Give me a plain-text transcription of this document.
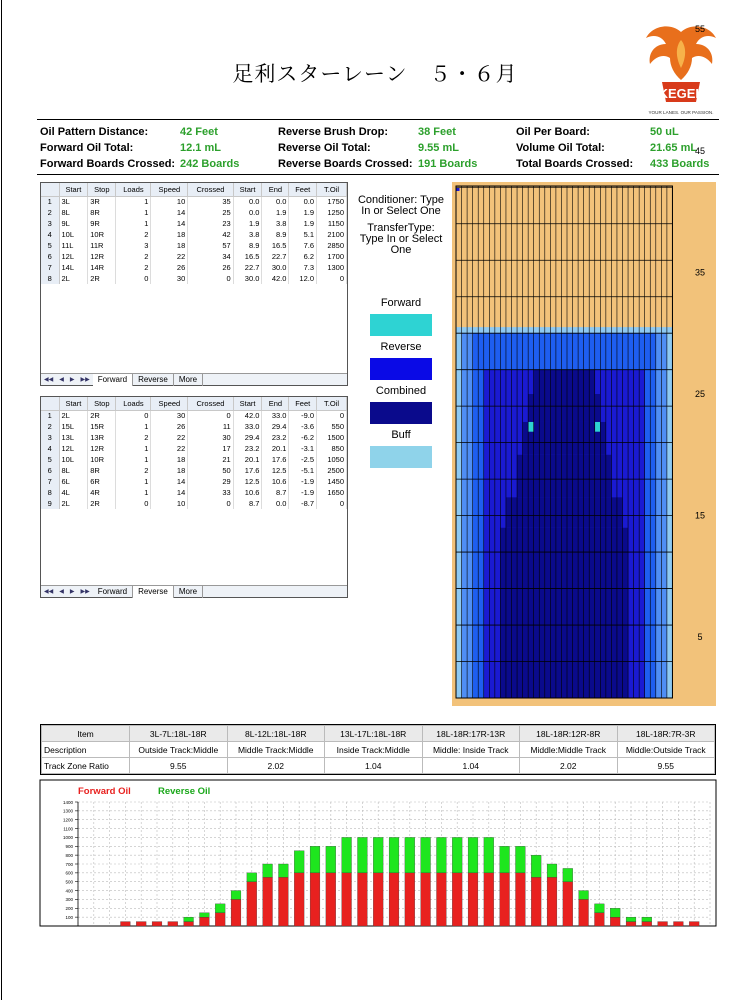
足利スターレーン　５・６月
KEGEL
YOUR LANES. OUR PASSION.
Oil Pattern Distance:	42 Feet	Reverse Brush Drop:	38 Feet	Oil Per Board:	50 uL
Forward Oil Total:	12.1 mL	Reverse Oil Total:	9.55 mL	Volume Oil Total:	21.65 mL
Forward Boards Crossed: 242 Boards	Reverse Boards Crossed: 191 Boards	Total Boards Crossed:	433 Boards
	Start	Stop	Loads	Speed	Crossed	Start	End	Feet	T.Oil
1	3L	3R	1	10	35	0.0	0.0	0.0	1750
2	8L	8R	1	14	25	0.0	1.9	1.9	1250
3	9L	9R	1	14	23	1.9	3.8	1.9	1150
4	10L	10R	2	18	42	3.8	8.9	5.1	2100
5	11L	11R	3	18	57	8.9	16.5	7.6	2850
6	12L	12R	2	22	34	16.5	22.7	6.2	1700
7	14L	14R	2	26	26	22.7	30.0	7.3	1300
8	2L	2R	0	30	0	30.0	42.0	12.0	0
◀◀	◀	▶	▶▶	Forward	Reverse	More
	Start	Stop	Loads	Speed	Crossed	Start	End	Feet	T.Oil
1	2L	2R	0	30	0	42.0	33.0	-9.0	0
2	15L	15R	1	26	11	33.0	29.4	-3.6	550
3	13L	13R	2	22	30	29.4	23.2	-6.2	1500
4	12L	12R	1	22	17	23.2	20.1	-3.1	850
5	10L	10R	1	18	21	20.1	17.6	-2.5	1050
6	8L	8R	2	18	50	17.6	12.5	-5.1	2500
7	6L	6R	1	14	29	12.5	10.6	-1.9	1450
8	4L	4R	1	14	33	10.6	8.7	-1.9	1650
9	2L	2R	0	10	0	8.7	0.0	-8.7	0
◀◀	◀	▶	▶▶	Forward	Reverse	More
Conditioner: Type In or Select One
TransferType: Type In or Select One
Forward
Reverse
Combined
Buff
55
45
35
25
15
5
Item	3L-7L:18L-18R	8L-12L:18L-18R	13L-17L:18L-18R	18L-18R:17R-13R	18L-18R:12R-8R	18L-18R:7R-3R
Description	Outside Track:Middle	Middle Track:Middle	Inside Track:Middle	Middle: Inside Track	Middle:Middle Track	Middle:Outside Track
Track Zone Ratio	9.55	2.02	1.04	1.04	2.02	9.55
1400
1300
1200
1100
1000
900
800
700
600
500
400
300
200
100
Forward Oil	Reverse Oil
